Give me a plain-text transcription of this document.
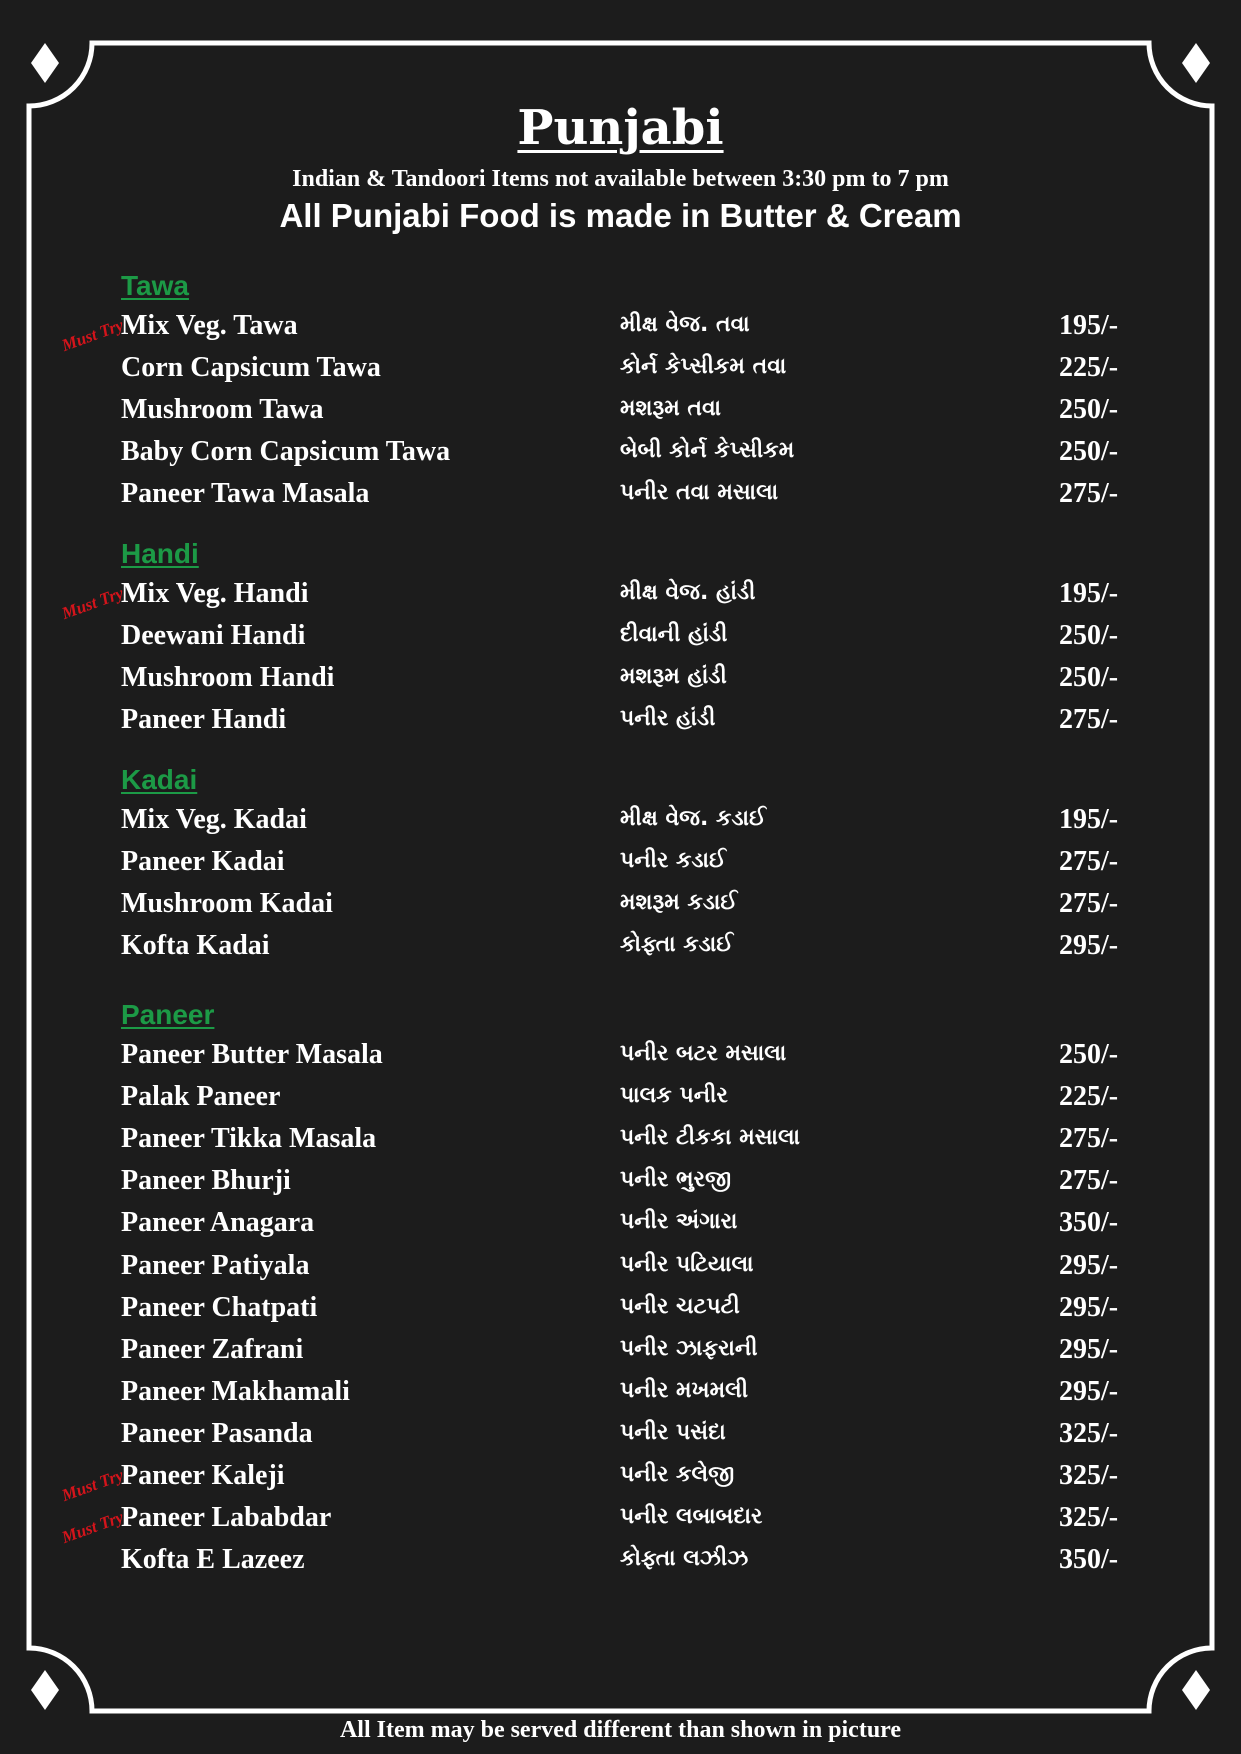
Punjabi
Indian & Tandoori Items not available between 3:30 pm to 7 pm
All Punjabi Food is made in Butter & Cream
Tawa
Mix Veg. Tawa	મીક્ષ વેજ. તવા	195/-
Corn Capsicum Tawa	કોર્ન કેપ્સીકમ તવા	225/-
Must Try
Mushroom Tawa	મશરૂમ તવા	250/-
Baby Corn Capsicum Tawa	બેબી કોર્ન કેપ્સીકમ	250/-
Paneer Tawa Masala	પનીર તવા મસાલા	275/-
Handi
Mix Veg. Handi	મીક્ષ વેજ. હાંડી	195/-
Deewani Handi	દીવાની હાંડી	250/-
Must Try
Mushroom Handi	મશરૂમ હાંડી	250/-
Paneer Handi	પનીર હાંડી	275/-
Kadai
Mix Veg. Kadai	મીક્ષ વેજ. કડાઈ	195/-
Paneer Kadai	પનીર કડાઈ	275/-
Mushroom Kadai	મશરૂમ કડાઈ	275/-
Kofta Kadai	કોફ્તા કડાઈ	295/-
Paneer
Paneer Butter Masala	પનીર બટર મસાલા	250/-
Palak Paneer	પાલક પનીર	225/-
Paneer Tikka Masala	પનીર ટીકકા મસાલા	275/-
Paneer Bhurji	પનીર ભુરજી	275/-
Paneer Anagara	પનીર અંગારા	350/-
Paneer Patiyala	પનીર પટિયાલા	295/-
Paneer Chatpati	પનીર ચટપટી	295/-
Paneer Zafrani	પનીર ઝાફરાની	295/-
Paneer Makhamali	પનીર મખમલી	295/-
Paneer Pasanda	પનીર પસંદા	325/-
Paneer Kaleji	પનીર કલેજી	325/-
Paneer Lababdar	પનીર લબાબદાર	325/-
Must Try
Kofta E Lazeez	કોફ્તા લઝીઝ	350/-
Must Try
All Item may be served different than shown in picture
